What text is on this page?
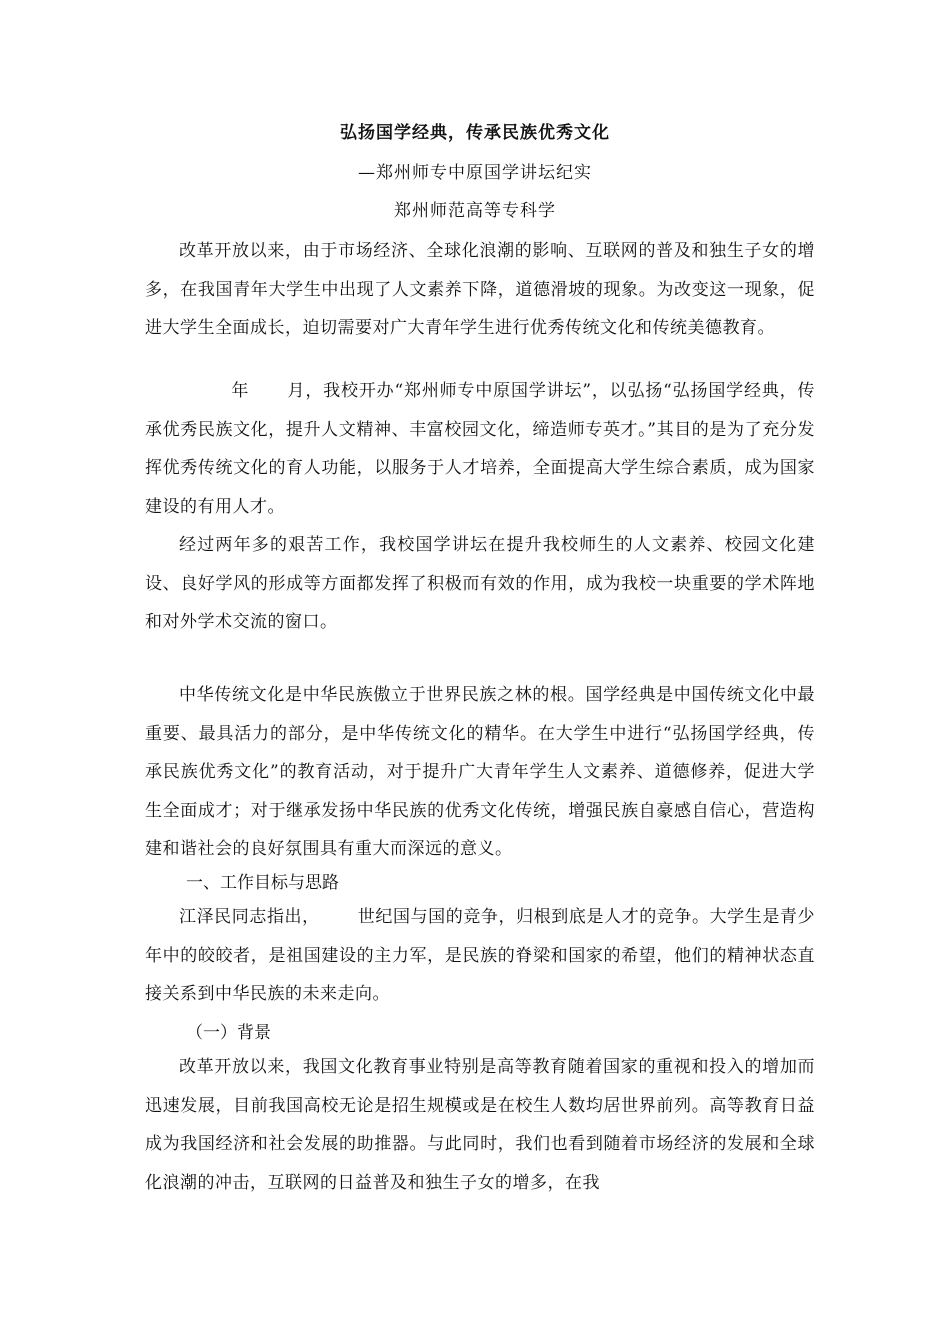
弘扬国学经典，传承民族优秀文化
—郑州师专中原国学讲坛纪实
郑州师范高等专科学

改革开放以来，由于市场经济、全球化浪潮的影响、互联网的普及和独生子女的增多，在我国青年大学生中出现了人文素养下降，道德滑坡的现象。为改变这一现象，促进大学生全面成长，迫切需要对广大青年学生进行优秀传统文化和传统美德教育。

年 月，我校开办“郑州师专中原国学讲坛”，以弘扬“弘扬国学经典，传承优秀民族文化，提升人文精神、丰富校园文化，缔造师专英才。”其目的是为了充分发挥优秀传统文化的育人功能，以服务于人才培养，全面提高大学生综合素质，成为国家建设的有用人才。

经过两年多的艰苦工作，我校国学讲坛在提升我校师生的人文素养、校园文化建设、良好学风的形成等方面都发挥了积极而有效的作用，成为我校一块重要的学术阵地和对外学术交流的窗口。

中华传统文化是中华民族傲立于世界民族之林的根。国学经典是中国传统文化中最重要、最具活力的部分，是中华传统文化的精华。在大学生中进行“弘扬国学经典，传承民族优秀文化”的教育活动，对于提升广大青年学生人文素养、道德修养，促进大学生全面成才；对于继承发扬中华民族的优秀文化传统，增强民族自豪感自信心，营造构建和谐社会的良好氛围具有重大而深远的意义。

一、工作目标与思路

江泽民同志指出， 世纪国与国的竞争，归根到底是人才的竞争。大学生是青少年中的皎皎者，是祖国建设的主力军，是民族的脊梁和国家的希望，他们的精神状态直接关系到中华民族的未来走向。

（一）背景

改革开放以来，我国文化教育事业特别是高等教育随着国家的重视和投入的增加而迅速发展，目前我国高校无论是招生规模或是在校生人数均居世界前列。高等教育日益成为我国经济和社会发展的助推器。与此同时，我们也看到随着市场经济的发展和全球化浪潮的冲击，互联网的日益普及和独生子女的增多，在我
